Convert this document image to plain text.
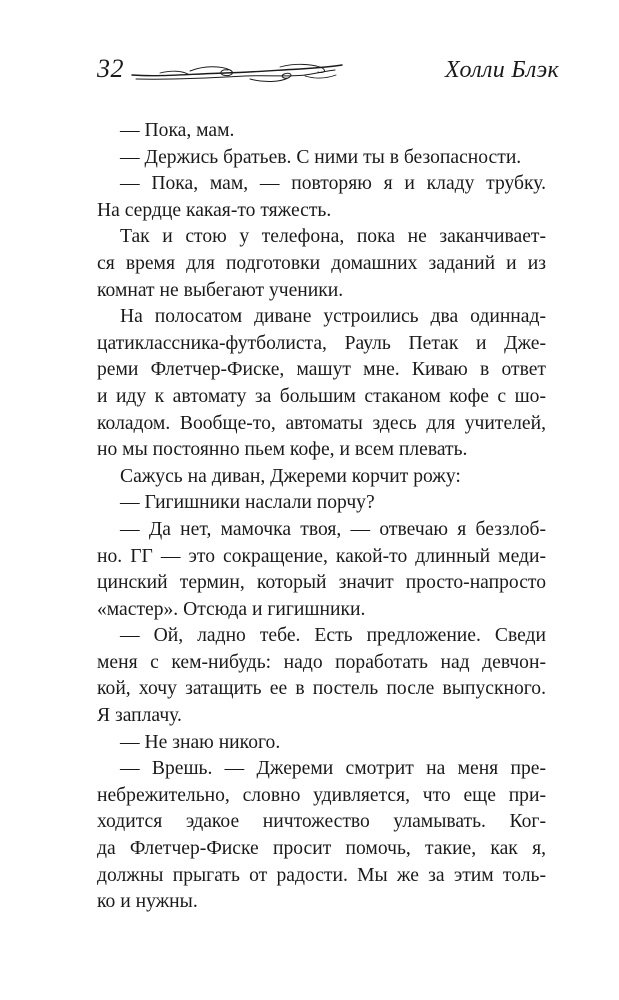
32	Холли Блэк

— Пока, мам.

— Держись братьев. С ними ты в безопасности.

— Пока, мам, — повторяю я и кладу трубку.

На сердце какая-то тяжесть.

Так и стою у телефона, пока не заканчивает-

ся время для подготовки домашних заданий и из

комнат не выбегают ученики.

На полосатом диване устроились два одиннад-

цатиклассника-футболиста, Рауль Петак и Дже-

реми Флетчер-Фиске, машут мне. Киваю в ответ

и иду к автомату за большим стаканом кофе с шо-

коладом. Вообще-то, автоматы здесь для учителей,

но мы постоянно пьем кофе, и всем плевать.

Сажусь на диван, Джереми корчит рожу:

— Гигишники наслали порчу?

— Да нет, мамочка твоя, — отвечаю я беззлоб-

но. ГГ — это сокращение, какой-то длинный меди-

цинский термин, который значит просто-напросто

«мастер». Отсюда и гигишники.

— Ой, ладно тебе. Есть предложение. Сведи

меня с кем-нибудь: надо поработать над девчон-

кой, хочу затащить ее в постель после выпускного.

Я заплачу.

— Не знаю никого.

— Врешь. — Джереми смотрит на меня пре-

небрежительно, словно удивляется, что еще при-

ходится эдакое ничтожество уламывать. Ког-

да Флетчер-Фиске просит помочь, такие, как я,

должны прыгать от радости. Мы же за этим толь-

ко и нужны.
